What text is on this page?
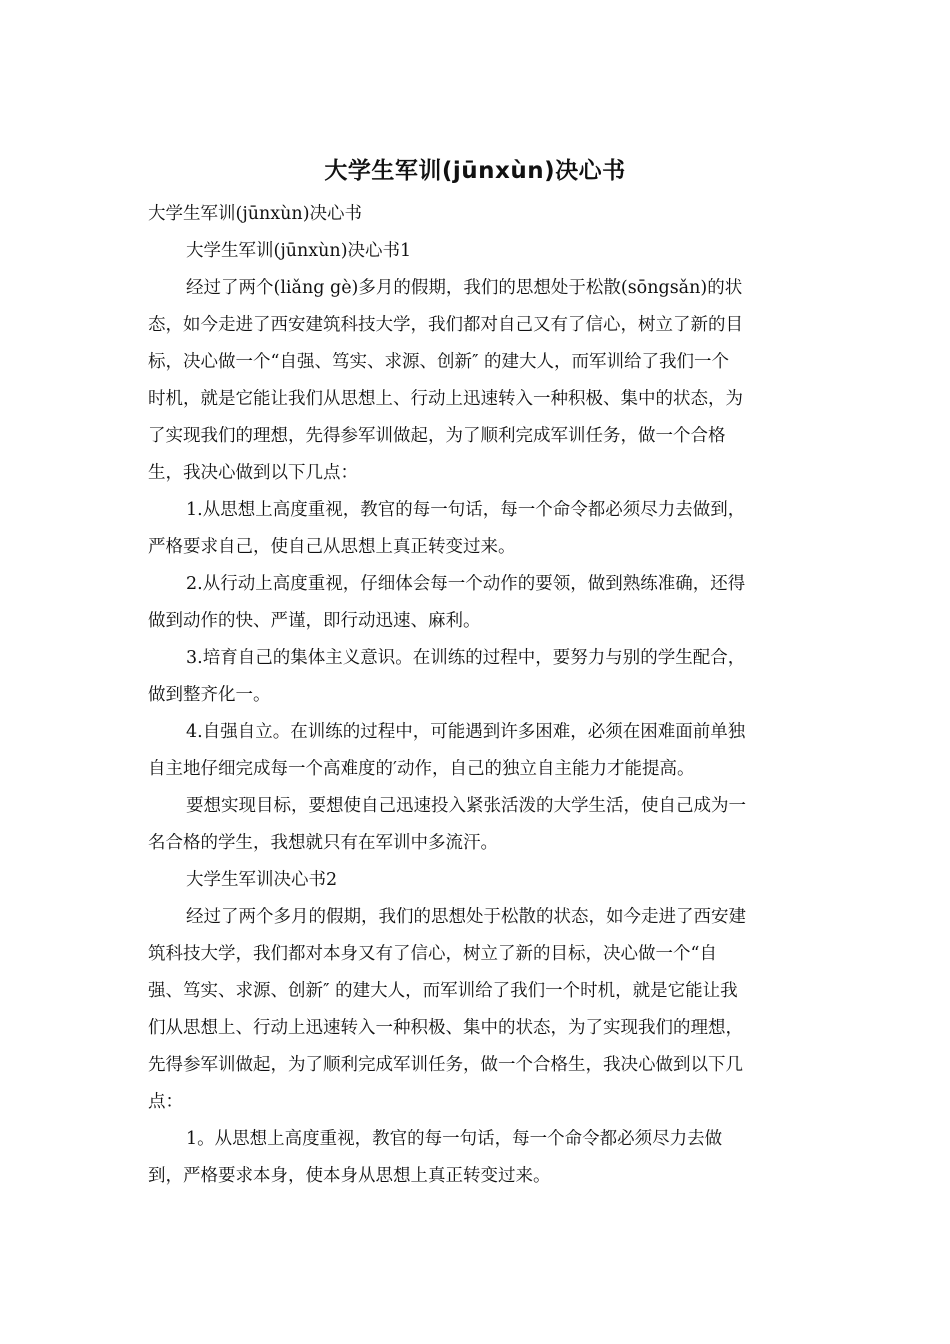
大学生军训(jūnxùn)决心书

大学生军训(jūnxùn)决心书

大学生军训(jūnxùn)决心书1

经过了两个(liǎng gè)多月的假期，我们的思想处于松散(sōngsǎn)的状

态，如今走进了西安建筑科技大学，我们都对自己又有了信心，树立了新的目

标，决心做一个“自强、笃实、求源、创新″ 的建大人，而军训给了我们一个

时机，就是它能让我们从思想上、行动上迅速转入一种积极、集中的状态，为

了实现我们的理想，先得参军训做起，为了顺利完成军训任务，做一个合格

生，我决心做到以下几点：

1.从思想上高度重视，教官的每一句话，每一个命令都必须尽力去做到，

严格要求自己，使自己从思想上真正转变过来。

2.从行动上高度重视，仔细体会每一个动作的要领，做到熟练准确，还得

做到动作的快、严谨，即行动迅速、麻利。

3.培育自己的集体主义意识。在训练的过程中，要努力与别的学生配合，

做到整齐化一。

4.自强自立。在训练的过程中，可能遇到许多困难，必须在困难面前单独

自主地仔细完成每一个高难度的′动作，自己的独立自主能力才能提高。

要想实现目标，要想使自己迅速投入紧张活泼的大学生活，使自己成为一

名合格的学生，我想就只有在军训中多流汗。

大学生军训决心书2

经过了两个多月的假期，我们的思想处于松散的状态，如今走进了西安建

筑科技大学，我们都对本身又有了信心，树立了新的目标，决心做一个“自

强、笃实、求源、创新″ 的建大人，而军训给了我们一个时机，就是它能让我

们从思想上、行动上迅速转入一种积极、集中的状态，为了实现我们的理想，

先得参军训做起，为了顺利完成军训任务，做一个合格生，我决心做到以下几

点：

1。从思想上高度重视，教官的每一句话，每一个命令都必须尽力去做

到，严格要求本身，使本身从思想上真正转变过来。
